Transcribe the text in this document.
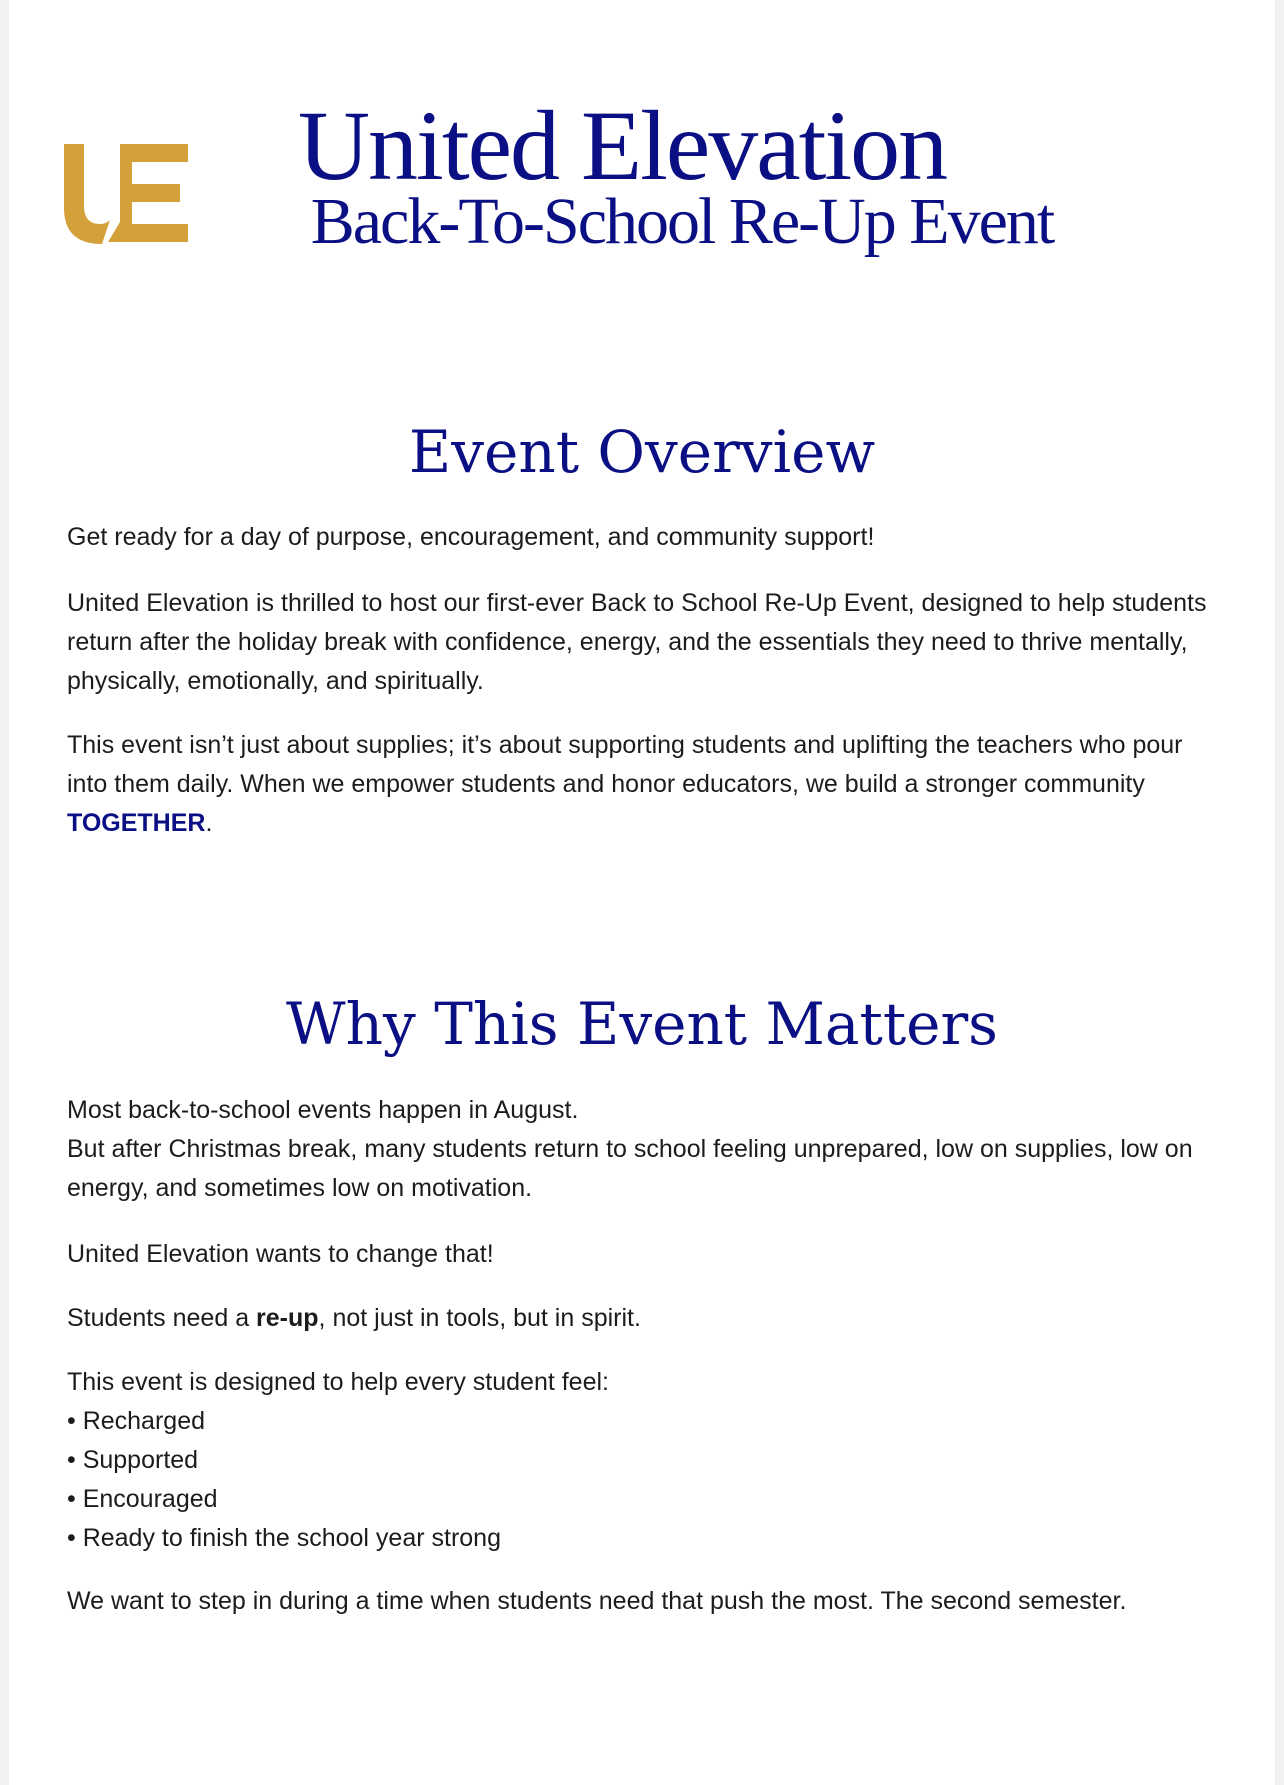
United Elevation
Back-To-School Re-Up Event
Event Overview

Get ready for a day of purpose, encouragement, and community support!

United Elevation is thrilled to host our first-ever Back to School Re-Up Event, designed to help students return after the holiday break with confidence, energy, and the essentials they need to thrive mentally, physically, emotionally, and spiritually.

This event isn’t just about supplies; it’s about supporting students and uplifting the teachers who pour into them daily. When we empower students and honor educators, we build a stronger community TOGETHER.

Why This Event Matters

Most back-to-school events happen in August.
But after Christmas break, many students return to school feeling unprepared, low on supplies, low on energy, and sometimes low on motivation.

United Elevation wants to change that!

Students need a re-up, not just in tools, but in spirit.

This event is designed to help every student feel:
• Recharged
• Supported
• Encouraged
• Ready to finish the school year strong

We want to step in during a time when students need that push the most. The second semester.
